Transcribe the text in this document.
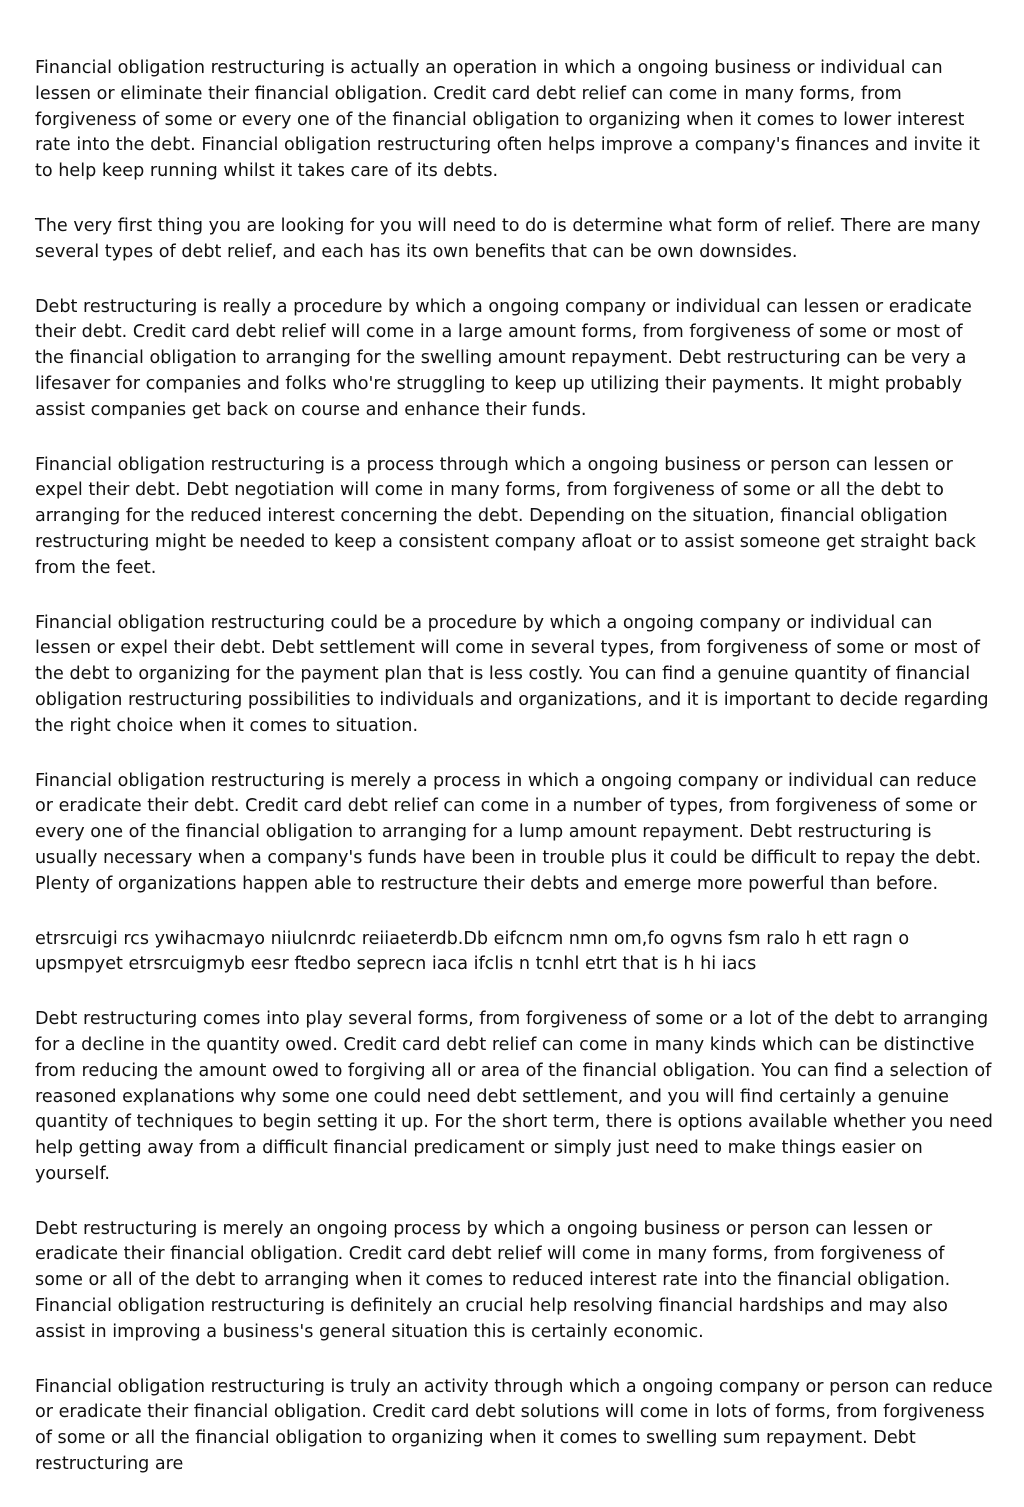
Financial obligation restructuring is actually an operation in which a ongoing business or individual can lessen or eliminate their financial obligation. Credit card debt relief can come in many forms, from forgiveness of some or every one of the financial obligation to organizing when it comes to lower interest rate into the debt. Financial obligation restructuring often helps improve a company's finances and invite it to help keep running whilst it takes care of its debts.

The very first thing you are looking for you will need to do is determine what form of relief. There are many several types of debt relief, and each has its own benefits that can be own downsides.

Debt restructuring is really a procedure by which a ongoing company or individual can lessen or eradicate their debt. Credit card debt relief will come in a large amount forms, from forgiveness of some or most of the financial obligation to arranging for the swelling amount repayment. Debt restructuring can be very a lifesaver for companies and folks who're struggling to keep up utilizing their payments. It might probably assist companies get back on course and enhance their funds.

Financial obligation restructuring is a process through which a ongoing business or person can lessen or expel their debt. Debt negotiation will come in many forms, from forgiveness of some or all the debt to arranging for the reduced interest concerning the debt. Depending on the situation, financial obligation restructuring might be needed to keep a consistent company afloat or to assist someone get straight back from the feet.

Financial obligation restructuring could be a procedure by which a ongoing company or individual can lessen or expel their debt. Debt settlement will come in several types, from forgiveness of some or most of the debt to organizing for the payment plan that is less costly. You can find a genuine quantity of financial obligation restructuring possibilities to individuals and organizations, and it is important to decide regarding the right choice when it comes to situation.

Financial obligation restructuring is merely a process in which a ongoing company or individual can reduce or eradicate their debt. Credit card debt relief can come in a number of types, from forgiveness of some or every one of the financial obligation to arranging for a lump amount repayment. Debt restructuring is usually necessary when a company's funds have been in trouble plus it could be difficult to repay the debt. Plenty of organizations happen able to restructure their debts and emerge more powerful than before.

etrsrcuigi rcs ywihacmayo niiulcnrdc reiiaeterdb.Db eifcncm nmn om,fo ogvns fsm ralo h ett ragn o upsmpyet etrsrcuigmyb eesr ftedbo seprecn iaca ifclis n tcnhl etrt that is h hi iacs

Debt restructuring comes into play several forms, from forgiveness of some or a lot of the debt to arranging for a decline in the quantity owed. Credit card debt relief can come in many kinds which can be distinctive from reducing the amount owed to forgiving all or area of the financial obligation. You can find a selection of reasoned explanations why some one could need debt settlement, and you will find certainly a genuine quantity of techniques to begin setting it up. For the short term, there is options available whether you need help getting away from a difficult financial predicament or simply just need to make things easier on yourself.

Debt restructuring is merely an ongoing process by which a ongoing business or person can lessen or eradicate their financial obligation. Credit card debt relief will come in many forms, from forgiveness of some or all of the debt to arranging when it comes to reduced interest rate into the financial obligation. Financial obligation restructuring is definitely an crucial help resolving financial hardships and may also assist in improving a business's general situation this is certainly economic.

Financial obligation restructuring is truly an activity through which a ongoing company or person can reduce or eradicate their financial obligation. Credit card debt solutions will come in lots of forms, from forgiveness of some or all the financial obligation to organizing when it comes to swelling sum repayment. Debt restructuring are
